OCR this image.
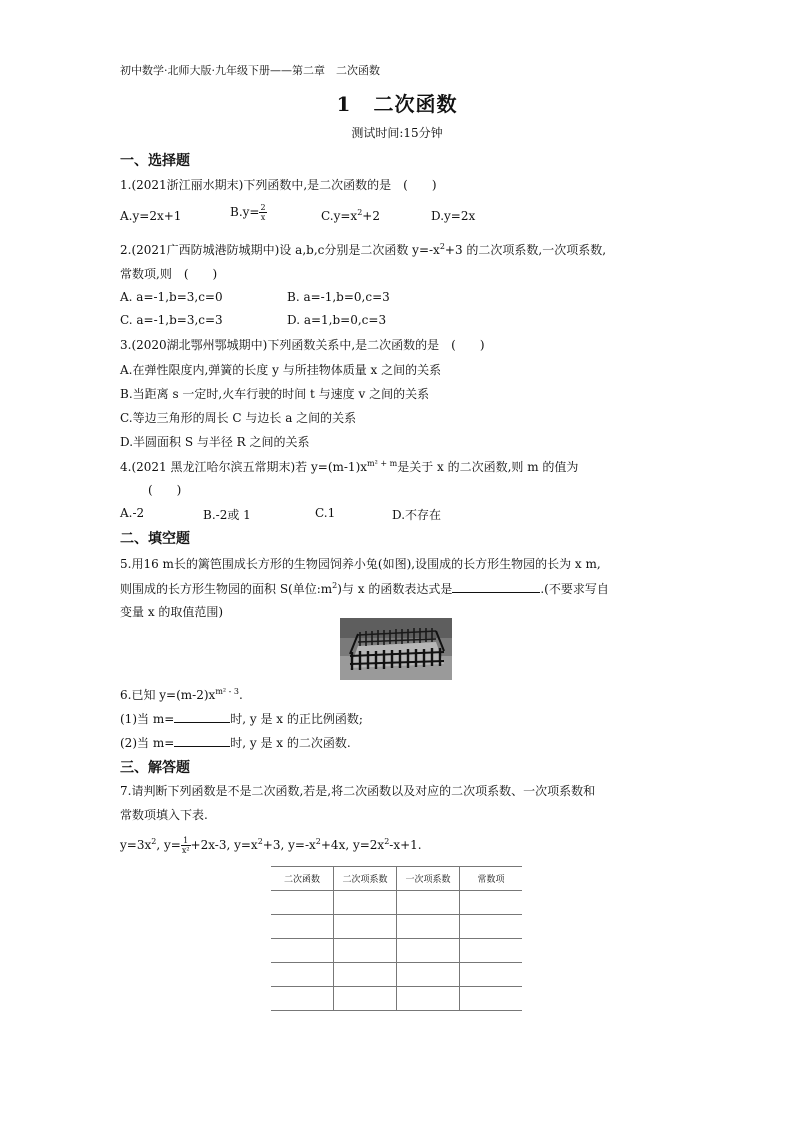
初中数学·北师大版·九年级下册——第二章　二次函数
1 二次函数
测试时间:15分钟
一、选择题
1.(2021浙江丽水期末)下列函数中,是二次函数的是　(　　)
A.y=2x+1	$B.y= \frac{2}{x}$	$C.y=x^2+2$	D.y=2x
2.(2021广西防城港防城期中)设 a,b,c分别是二次函数 $y=-x^2+3$ 的二次项系数,一次项系数,
常数项,则　(　　)
A. a=-1,b=3,c=0	B. a=-1,b=0,c=3
C. a=-1,b=3,c=3	D. a=1,b=0,c=3
3.(2020湖北鄂州鄂城期中)下列函数关系中,是二次函数的是　(　　)
A.在弹性限度内,弹簧的长度 y 与所挂物体质量 x 之间的关系
B.当距离 s 一定时,火车行驶的时间 t 与速度 v 之间的关系
C.等边三角形的周长 C 与边长 a 之间的关系
D.半圆面积 S 与半径 R 之间的关系
4.(2021 黑龙江哈尔滨五常期末)若 $y=(m-1)x^{m^2 + m}$是关于 x 的二次函数,则 m 的值为
(　　)
A.-2	B.-2或 1	C.1	D.不存在
二、填空题
5.用16 m长的篱笆围成长方形的生物园饲养小兔(如图),设围成的长方形生物园的长为 x m,
则围成的长方形生物园的面积 S(单位$:m^2$)与 x 的函数表达式是	.(不要求写自
变量 x 的取值范围)
6.已知 $y=(m-2)x^{m^2 - 3}$.
(1)当 m=	时, y 是 x 的正比例函数;
(2)当 m=	时, y 是 x 的二次函数.
三、解答题
7.请判断下列函数是不是二次函数,若是,将二次函数以及对应的二次项系数、一次项系数和
常数项填入下表.
$y=3x^2$, $y= \frac{1}{\text{x²}} +2x-3$, $y=x^2+3$, $y=-x^2+4x$, $y=2x^2-x+1$.
二次函数	二次项系数	一次项系数	常数项
